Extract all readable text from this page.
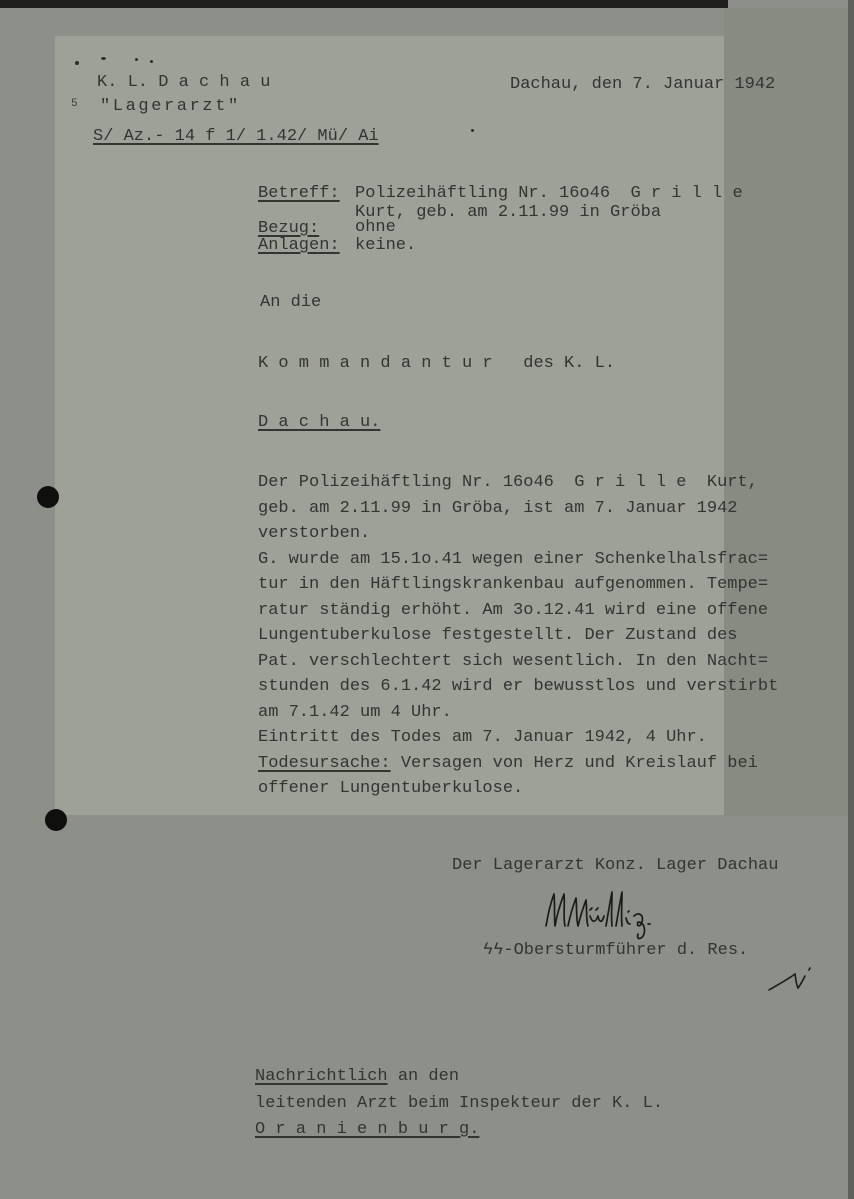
K. L. D a c h a u
5 "Lagerarzt"
S/ Az.- 14 f 1/ 1.42/ Mü/ Ai
Dachau, den 7. Januar 1942
Betreff: Polizeihäftling Nr. 16o46  G r i l l e
Kurt, geb. am 2.11.99 in Gröba
Bezug: ohne
Anlagen: keine.
An die
K o m m a n d a n t u r   des K. L.
D a c h a u.
Der Polizeihäftling Nr. 16o46  G r i l l e  Kurt,
geb. am 2.11.99 in Gröba, ist am 7. Januar 1942
verstorben.
G. wurde am 15.1o.41 wegen einer Schenkelhalsfrac=
tur in den Häftlingskrankenbau aufgenommen. Tempe=
ratur ständig erhöht. Am 3o.12.41 wird eine offene
Lungentuberkulose festgestellt. Der Zustand des
Pat. verschlechtert sich wesentlich. In den Nacht=
stunden des 6.1.42 wird er bewusstlos und verstirbt
am 7.1.42 um 4 Uhr.
Eintritt des Todes am 7. Januar 1942, 4 Uhr.
Todesursache: Versagen von Herz und Kreislauf bei
offener Lungentuberkulose.
Der Lagerarzt Konz. Lager Dachau
ϟϟ-Obersturmführer d. Res.
Nachrichtlich an den
leitenden Arzt beim Inspekteur der K. L.
O r a n i e n b u r g.
